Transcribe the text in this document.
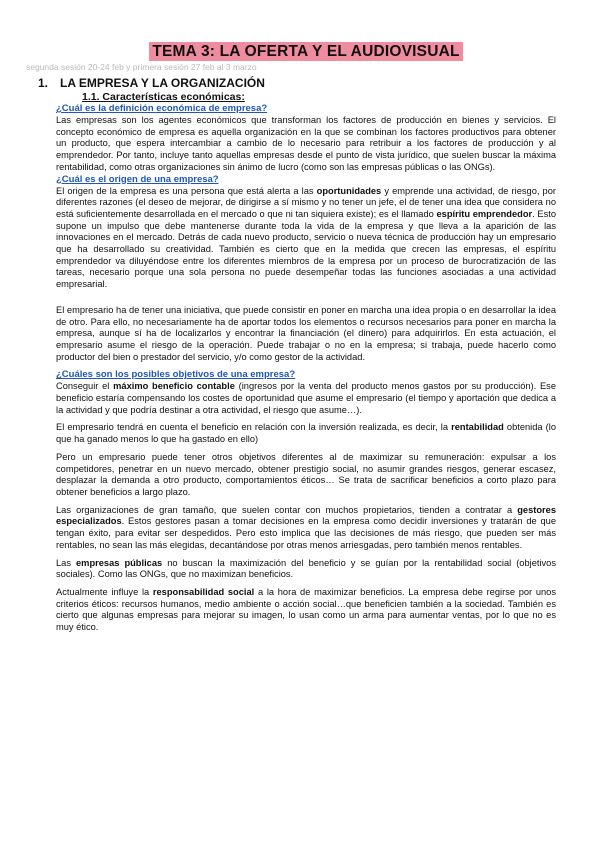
TEMA 3: LA OFERTA Y EL AUDIOVISUAL
segunda sesión 20-24 feb y primera sesión 27 feb al 3 marzo
1. LA EMPRESA Y LA ORGANIZACIÓN
1.1. Características económicas:
¿Cuál es la definición económica de empresa?

Las empresas son los agentes económicos que transforman los factores de producción en bienes y servicios. El concepto económico de empresa es aquella organización en la que se combinan los factores productivos para obtener un producto, que espera intercambiar a cambio de lo necesario para retribuir a los factores de producción y al emprendedor. Por tanto, incluye tanto aquellas empresas desde el punto de vista jurídico, que suelen buscar la máxima rentabilidad, como otras organizaciones sin ánimo de lucro (como son las empresas públicas o las ONGs).

¿Cuál es el origen de una empresa?

El origen de la empresa es una persona que está alerta a las oportunidades y emprende una actividad, de riesgo, por diferentes razones (el deseo de mejorar, de dirigirse a sí mismo y no tener un jefe, el de tener una idea que considera no está suficientemente desarrollada en el mercado o que ni tan siquiera existe); es el llamado espíritu emprendedor. Esto supone un impulso que debe mantenerse durante toda la vida de la empresa y que lleva a la aparición de las innovaciones en el mercado. Detrás de cada nuevo producto, servicio o nueva técnica de producción hay un empresario que ha desarrollado su creatividad. También es cierto que en la medida que crecen las empresas, el espíritu emprendedor va diluyéndose entre los diferentes miembros de la empresa por un proceso de burocratización de las tareas, necesario porque una sola persona no puede desempeñar todas las funciones asociadas a una actividad empresarial.

El empresario ha de tener una iniciativa, que puede consistir en poner en marcha una idea propia o en desarrollar la idea de otro. Para ello, no necesariamente ha de aportar todos los elementos o recursos necesarios para poner en marcha la empresa, aunque sí ha de localizarlos y encontrar la financiación (el dinero) para adquirirlos. En esta actuación, el empresario asume el riesgo de la operación. Puede trabajar o no en la empresa; si trabaja, puede hacerlo como productor del bien o prestador del servicio, y/o como gestor de la actividad.

¿Cuáles son los posibles objetivos de una empresa?

Conseguir el máximo beneficio contable (ingresos por la venta del producto menos gastos por su producción). Ese beneficio estaría compensando los costes de oportunidad que asume el empresario (el tiempo y aportación que dedica a la actividad y que podría destinar a otra actividad, el riesgo que asume…).

El empresario tendrá en cuenta el beneficio en relación con la inversión realizada, es decir, la rentabilidad obtenida (lo que ha ganado menos lo que ha gastado en ello)

Pero un empresario puede tener otros objetivos diferentes al de maximizar su remuneración: expulsar a los competidores, penetrar en un nuevo mercado, obtener prestigio social, no asumir grandes riesgos, generar escasez, desplazar la demanda a otro producto, comportamientos éticos… Se trata de sacrificar beneficios a corto plazo para obtener beneficios a largo plazo.

Las organizaciones de gran tamaño, que suelen contar con muchos propietarios, tienden a contratar a gestores especializados. Estos gestores pasan a tomar decisiones en la empresa como decidir inversiones y tratarán de que tengan éxito, para evitar ser despedidos. Pero esto implica que las decisiones de más riesgo, que pueden ser más rentables, no sean las más elegidas, decantándose por otras menos arriesgadas, pero también menos rentables.

Las empresas públicas no buscan la maximización del beneficio y se guían por la rentabilidad social (objetivos sociales). Como las ONGs, que no maximizan beneficios.

Actualmente influye la responsabilidad social a la hora de maximizar beneficios. La empresa debe regirse por unos criterios éticos: recursos humanos, medio ambiente o acción social…que beneficien también a la sociedad. También es cierto que algunas empresas para mejorar su imagen, lo usan como un arma para aumentar ventas, por lo que no es muy ético.
